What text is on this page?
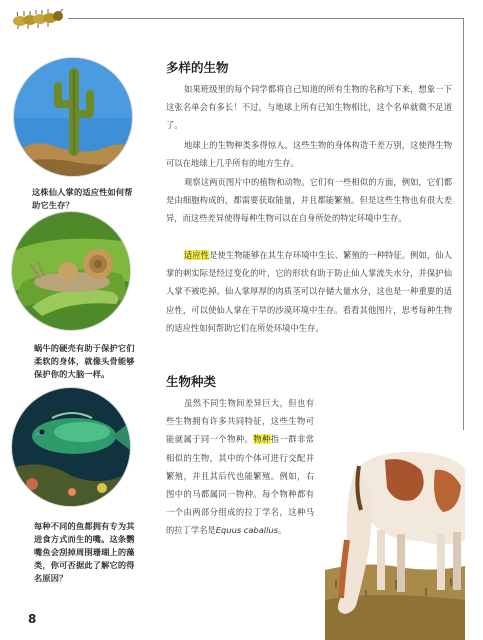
这株仙人掌的适应性如何帮助它生存？
蜗牛的硬壳有助于保护它们柔软的身体，就像头骨能够保护你的大脑一样。
每种不同的鱼都拥有专为其进食方式而生的嘴。这条鹦嘴鱼会刮掉周围珊瑚上的藻类，你可否据此了解它的得名原因？
多样的生物

如果班级里的每个同学都将自己知道的所有生物的名称写下来，想象一下这张名单会有多长！不过，与地球上所有已知生物相比，这个名单就微不足道了。

地球上的生物种类多得惊人。这些生物的身体构造千差万别，这使得生物可以在地球上几乎所有的地方生存。

观察这两页图片中的植物和动物。它们有一些相似的方面，例如，它们都是由细胞构成的，都需要获取能量，并且都能繁殖。但是这些生物也有很大差异，而这些差异使得每种生物可以在自身所处的特定环境中生存。

适应性是使生物能够在其生存环境中生长、繁殖的一种特征。例如，仙人掌的刺实际是经过变化的叶，它的形状有助于防止仙人掌流失水分，并保护仙人掌不被吃掉。仙人掌厚厚的肉质茎可以存储大量水分，这也是一种重要的适应性，可以使仙人掌在干旱的沙漠环境中生存。看看其他图片，思考每种生物的适应性如何帮助它们在所处环境中生存。

生物种类

虽然不同生物间差异巨大，但也有些生物拥有许多共同特征，这些生物可能就属于同一个物种。物种指一群非常相似的生物，其中的个体可进行交配并繁殖，并且其后代也能繁殖。例如，右图中的马都属同一物种。每个物种都有一个由两部分组成的拉丁学名，这种马的拉丁学名是Equus caballus。

8
